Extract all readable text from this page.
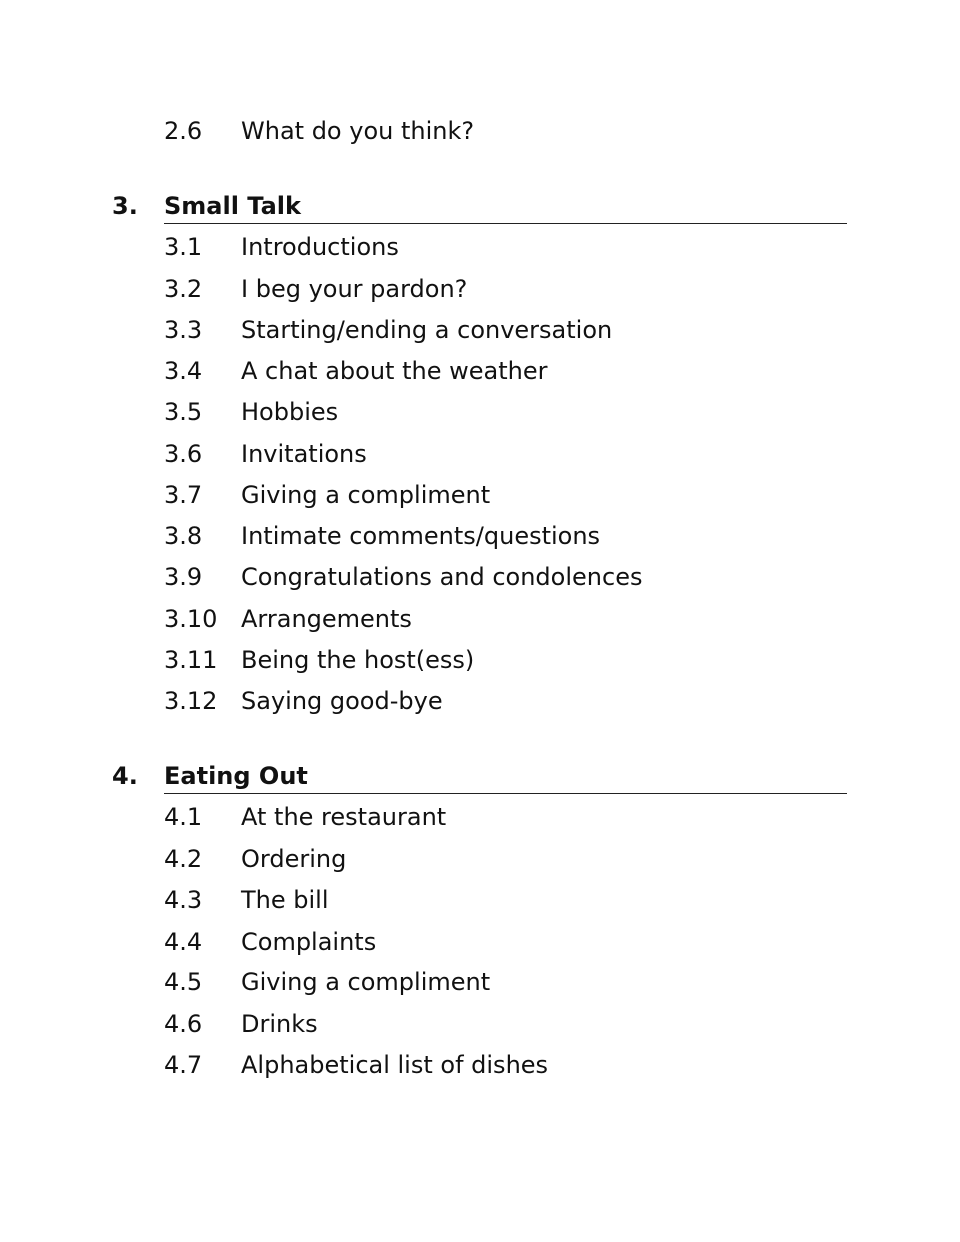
2.6 What do you think?
3. Small Talk
3.1 Introductions
3.2 I beg your pardon?
3.3 Starting/ending a conversation
3.4 A chat about the weather
3.5 Hobbies
3.6 Invitations
3.7 Giving a compliment
3.8 Intimate comments/questions
3.9 Congratulations and condolences
3.10 Arrangements
3.11 Being the host(ess)
3.12 Saying good-bye
4. Eating Out
4.1 At the restaurant
4.2 Ordering
4.3 The bill
4.4 Complaints
4.5 Giving a compliment
4.6 Drinks
4.7 Alphabetical list of dishes
